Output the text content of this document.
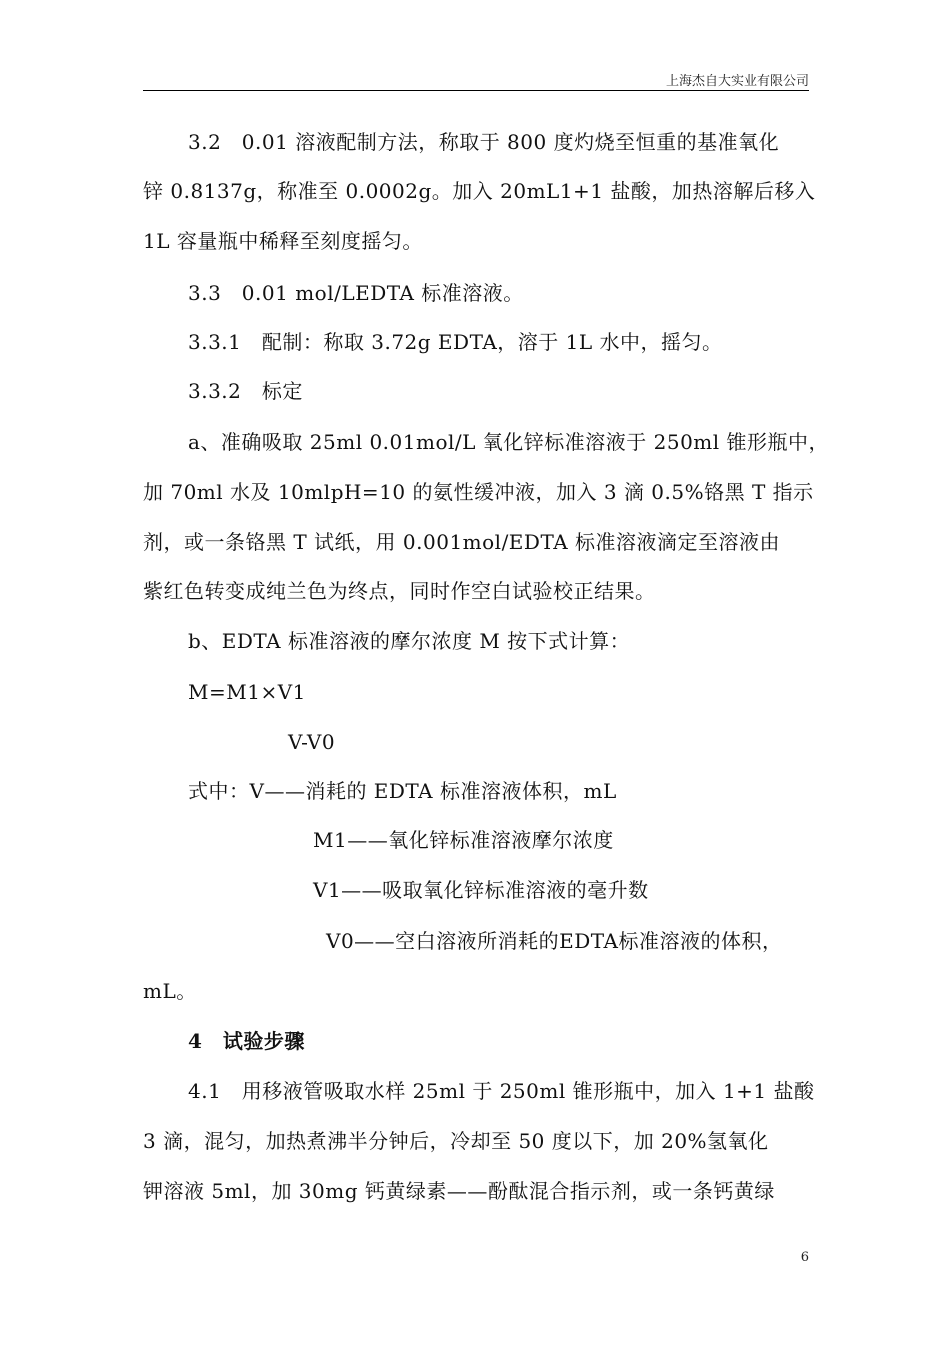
上海杰自大实业有限公司
3.2　0.01 溶液配制方法，称取于 800 度灼烧至恒重的基准氧化
锌 0.8137g，称准至 0.0002g。加入 20mL1+1 盐酸，加热溶解后移入
1L 容量瓶中稀释至刻度摇匀。
3.3　0.01 mol/LEDTA 标准溶液。
3.3.1　配制：称取 3.72g EDTA，溶于 1L 水中，摇匀。
3.3.2　标定
a、准确吸取 25ml 0.01mol/L 氧化锌标准溶液于 250ml 锥形瓶中，
加 70ml 水及 10mlpH=10 的氨性缓冲液，加入 3 滴 0.5%铬黑 T 指示
剂，或一条铬黑 T 试纸，用 0.001mol/EDTA 标准溶液滴定至溶液由
紫红色转变成纯兰色为终点，同时作空白试验校正结果。
b、EDTA 标准溶液的摩尔浓度 M 按下式计算：
M=M1×V1
V-V0
式中：V——消耗的 EDTA 标准溶液体积，mL
M1——氧化锌标准溶液摩尔浓度
V1——吸取氧化锌标准溶液的毫升数
V0——空白溶液所消耗的EDTA标准溶液的体积，
mL。
4　试验步骤
4.1　用移液管吸取水样 25ml 于 250ml 锥形瓶中，加入 1+1 盐酸
3 滴，混匀，加热煮沸半分钟后，冷却至 50 度以下，加 20%氢氧化
钾溶液 5ml，加 30mg 钙黄绿素——酚酞混合指示剂，或一条钙黄绿
6
